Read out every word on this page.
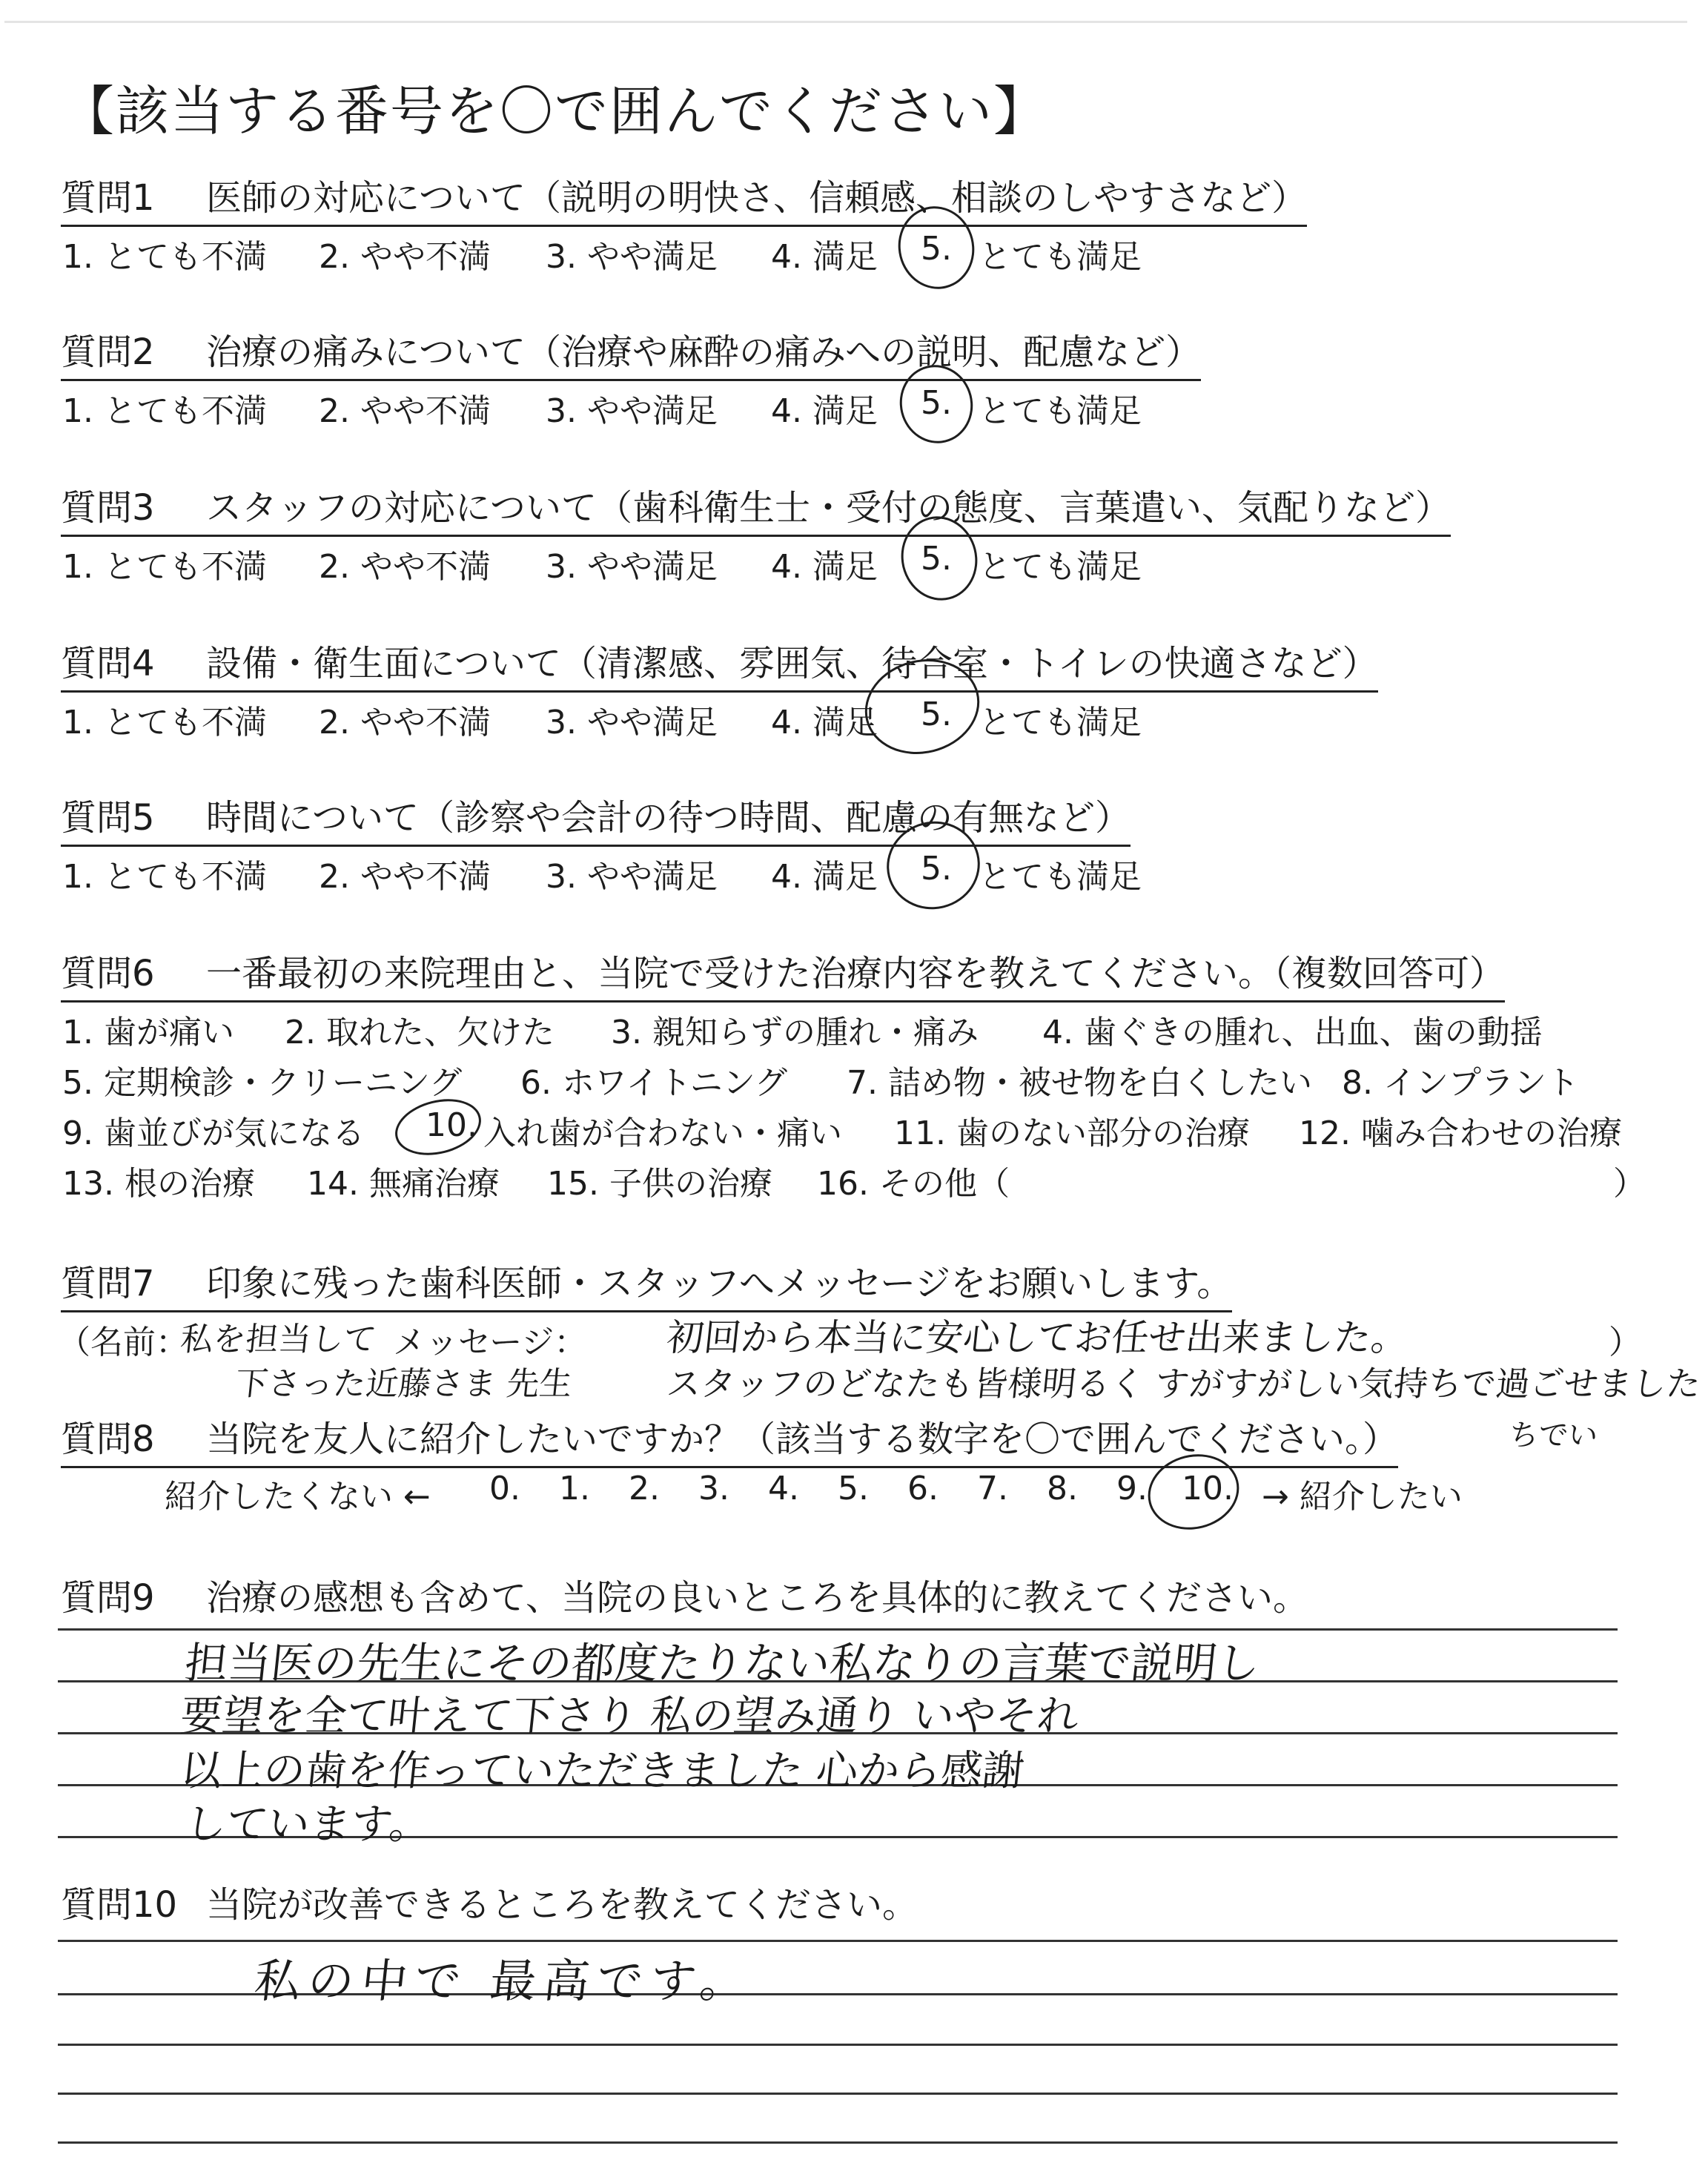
【該当する番号を〇で囲んでください】
質問1 医師の対応について（説明の明快さ、信頼感、相談のしやすさなど）
1. とても不満 2. やや不満 3. やや満足 4. 満足 5. とても満足
質問2 治療の痛みについて（治療や麻酔の痛みへの説明、配慮など）
1. とても不満 2. やや不満 3. やや満足 4. 満足 5. とても満足
質問3 スタッフの対応について（歯科衛生士・受付の態度、言葉遣い、気配りなど）
1. とても不満 2. やや不満 3. やや満足 4. 満足 5. とても満足
質問4 設備・衛生面について（清潔感、雰囲気、待合室・トイレの快適さなど）
1. とても不満 2. やや不満 3. やや満足 4. 満足 5. とても満足
質問5 時間について（診察や会計の待つ時間、配慮の有無など）
1. とても不満 2. やや不満 3. やや満足 4. 満足 5. とても満足
質問6 一番最初の来院理由と、当院で受けた治療内容を教えてください。（複数回答可）
1. 歯が痛い 2. 取れた、欠けた 3. 親知らずの腫れ・痛み 4. 歯ぐきの腫れ、出血、歯の動揺
5. 定期検診・クリーニング 6. ホワイトニング 7. 詰め物・被せ物を白くしたい 8. インプラント
9. 歯並びが気になる 10. 入れ歯が合わない・痛い 11. 歯のない部分の治療 12. 噛み合わせの治療
13. 根の治療 14. 無痛治療 15. 子供の治療 16. その他（	）
質問7 印象に残った歯科医師・スタッフへメッセージをお願いします。
（名前：
私を担当して メッセージ：
下さった近藤さま 先生
初回から本当に安心してお任せ出来ました。
スタッフのどなたも皆様明るく すがすがしい気持ちで過ごせました
）
質問8 当院を友人に紹介したいですか？（該当する数字を〇で囲んでください。）	ちでい
紹介したくない ← 0. 1. 2. 3. 4. 5. 6. 7. 8. 9. 10. → 紹介したい
質問9 治療の感想も含めて、当院の良いところを具体的に教えてください。
担当医の先生にその都度たりない私なりの言葉で説明し
要望を全て叶えて下さり 私の望み通り いやそれ
以上の歯を作っていただきました 心から感謝
しています。
質問10 当院が改善できるところを教えてください。
私の中で 最高です。
